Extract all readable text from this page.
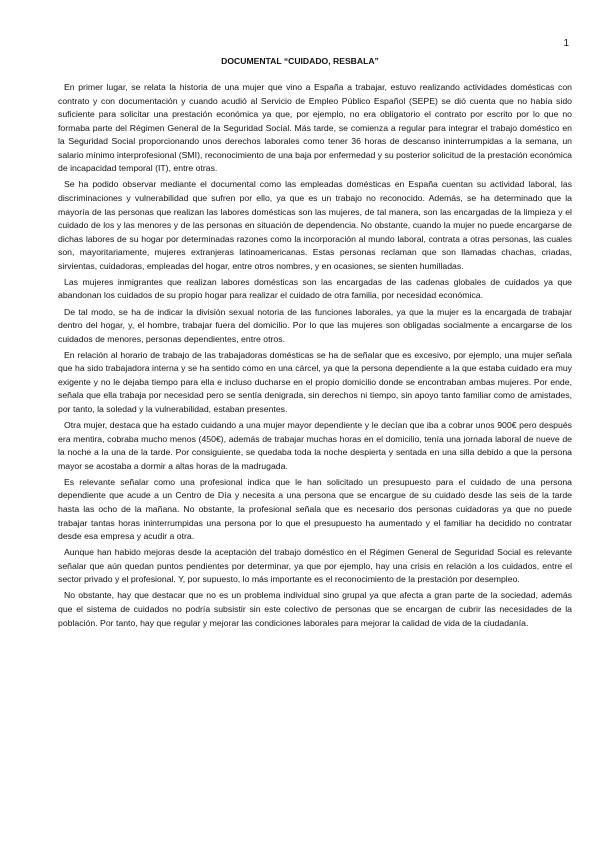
1
DOCUMENTAL “CUIDADO, RESBALA”

En primer lugar, se relata la historia de una mujer que vino a España a trabajar, estuvo realizando actividades domésticas con contrato y con documentación y cuando acudió al Servicio de Empleo Público Español (SEPE) se dió cuenta que no había sido suficiente para solicitar una prestación económica ya que, por ejemplo, no era obligatorio el contrato por escrito por lo que no formaba parte del Régimen General de la Seguridad Social. Más tarde, se comienza a regular para integrar el trabajo doméstico en la Seguridad Social proporcionando unos derechos laborales como tener 36 horas de descanso ininterrumpidas a la semana, un salario mínimo interprofesional (SMI), reconocimiento de una baja por enfermedad y su posterior solicitud de la prestación económica de incapacidad temporal (IT), entre otras.

Se ha podido observar mediante el documental como las empleadas domésticas en España cuentan su actividad laboral, las discriminaciones y vulnerabilidad que sufren por ello, ya que es un trabajo no reconocido. Además, se ha determinado que la mayoría de las personas que realizan las labores domésticas son las mujeres, de tal manera, son las encargadas de la limpieza y el cuidado de los y las menores y de las personas en situación de dependencia. No obstante, cuando la mujer no puede encargarse de dichas labores de su hogar por determinadas razones como la incorporación al mundo laboral, contrata a otras personas, las cuales son, mayoritariamente, mujeres extranjeras latinoamericanas. Estas personas reclaman que son llamadas chachas, criadas, sirvientas, cuidadoras, empleadas del hogar, entre otros nombres, y en ocasiones, se sienten humilladas.

Las mujeres inmigrantes que realizan labores domésticas son las encargadas de las cadenas globales de cuidados ya que abandonan los cuidados de su propio hogar para realizar el cuidado de otra familia, por necesidad económica.

De tal modo, se ha de indicar la división sexual notoria de las funciones laborales, ya que la mujer es la encargada de trabajar dentro del hogar, y, el hombre, trabajar fuera del domicilio. Por lo que las mujeres son obligadas socialmente a encargarse de los cuidados de menores, personas dependientes, entre otros.

En relación al horario de trabajo de las trabajadoras domésticas se ha de señalar que es excesivo, por ejemplo, una mujer señala que ha sido trabajadora interna y se ha sentido como en una cárcel, ya que la persona dependiente a la que estaba cuidado era muy exigente y no le dejaba tiempo para ella e incluso ducharse en el propio domicilio donde se encontraban ambas mujeres. Por ende, señala que ella trabaja por necesidad pero se sentía denigrada, sin derechos ni tiempo, sin apoyo tanto familiar como de amistades, por tanto, la soledad y la vulnerabilidad, estaban presentes.

Otra mujer, destaca que ha estado cuidando a una mujer mayor dependiente y le decían que iba a cobrar unos 900€ pero después era mentira, cobraba mucho menos (450€), además de trabajar muchas horas en el domicilio, tenía una jornada laboral de nueve de la noche a la una de la tarde. Por consiguiente, se quedaba toda la noche despierta y sentada en una silla debido a que la persona mayor se acostaba a dormir a altas horas de la madrugada.

Es relevante señalar como una profesional indica que le han solicitado un presupuesto para el cuidado de una persona dependiente que acude a un Centro de Día y necesita a una persona que se encargue de su cuidado desde las seis de la tarde hasta las ocho de la mañana. No obstante, la profesional señala que es necesario dos personas cuidadoras ya que no puede trabajar tantas horas ininterrumpidas una persona por lo que el presupuesto ha aumentado y el familiar ha decidido no contratar desde esa empresa y acudir a otra.

Aunque han habido mejoras desde la aceptación del trabajo doméstico en el Régimen General de Seguridad Social es relevante señalar que aún quedan puntos pendientes por determinar, ya que por ejemplo, hay una crisis en relación a los cuidados, entre el sector privado y el profesional. Y, por supuesto, lo más importante es el reconocimiento de la prestación por desempleo.

No obstante, hay que destacar que no es un problema individual sino grupal ya que afecta a gran parte de la sociedad, además que el sistema de cuidados no podría subsistir sin este colectivo de personas que se encargan de cubrir las necesidades de la población. Por tanto, hay que regular y mejorar las condiciones laborales para mejorar la calidad de vida de la ciudadanía.
